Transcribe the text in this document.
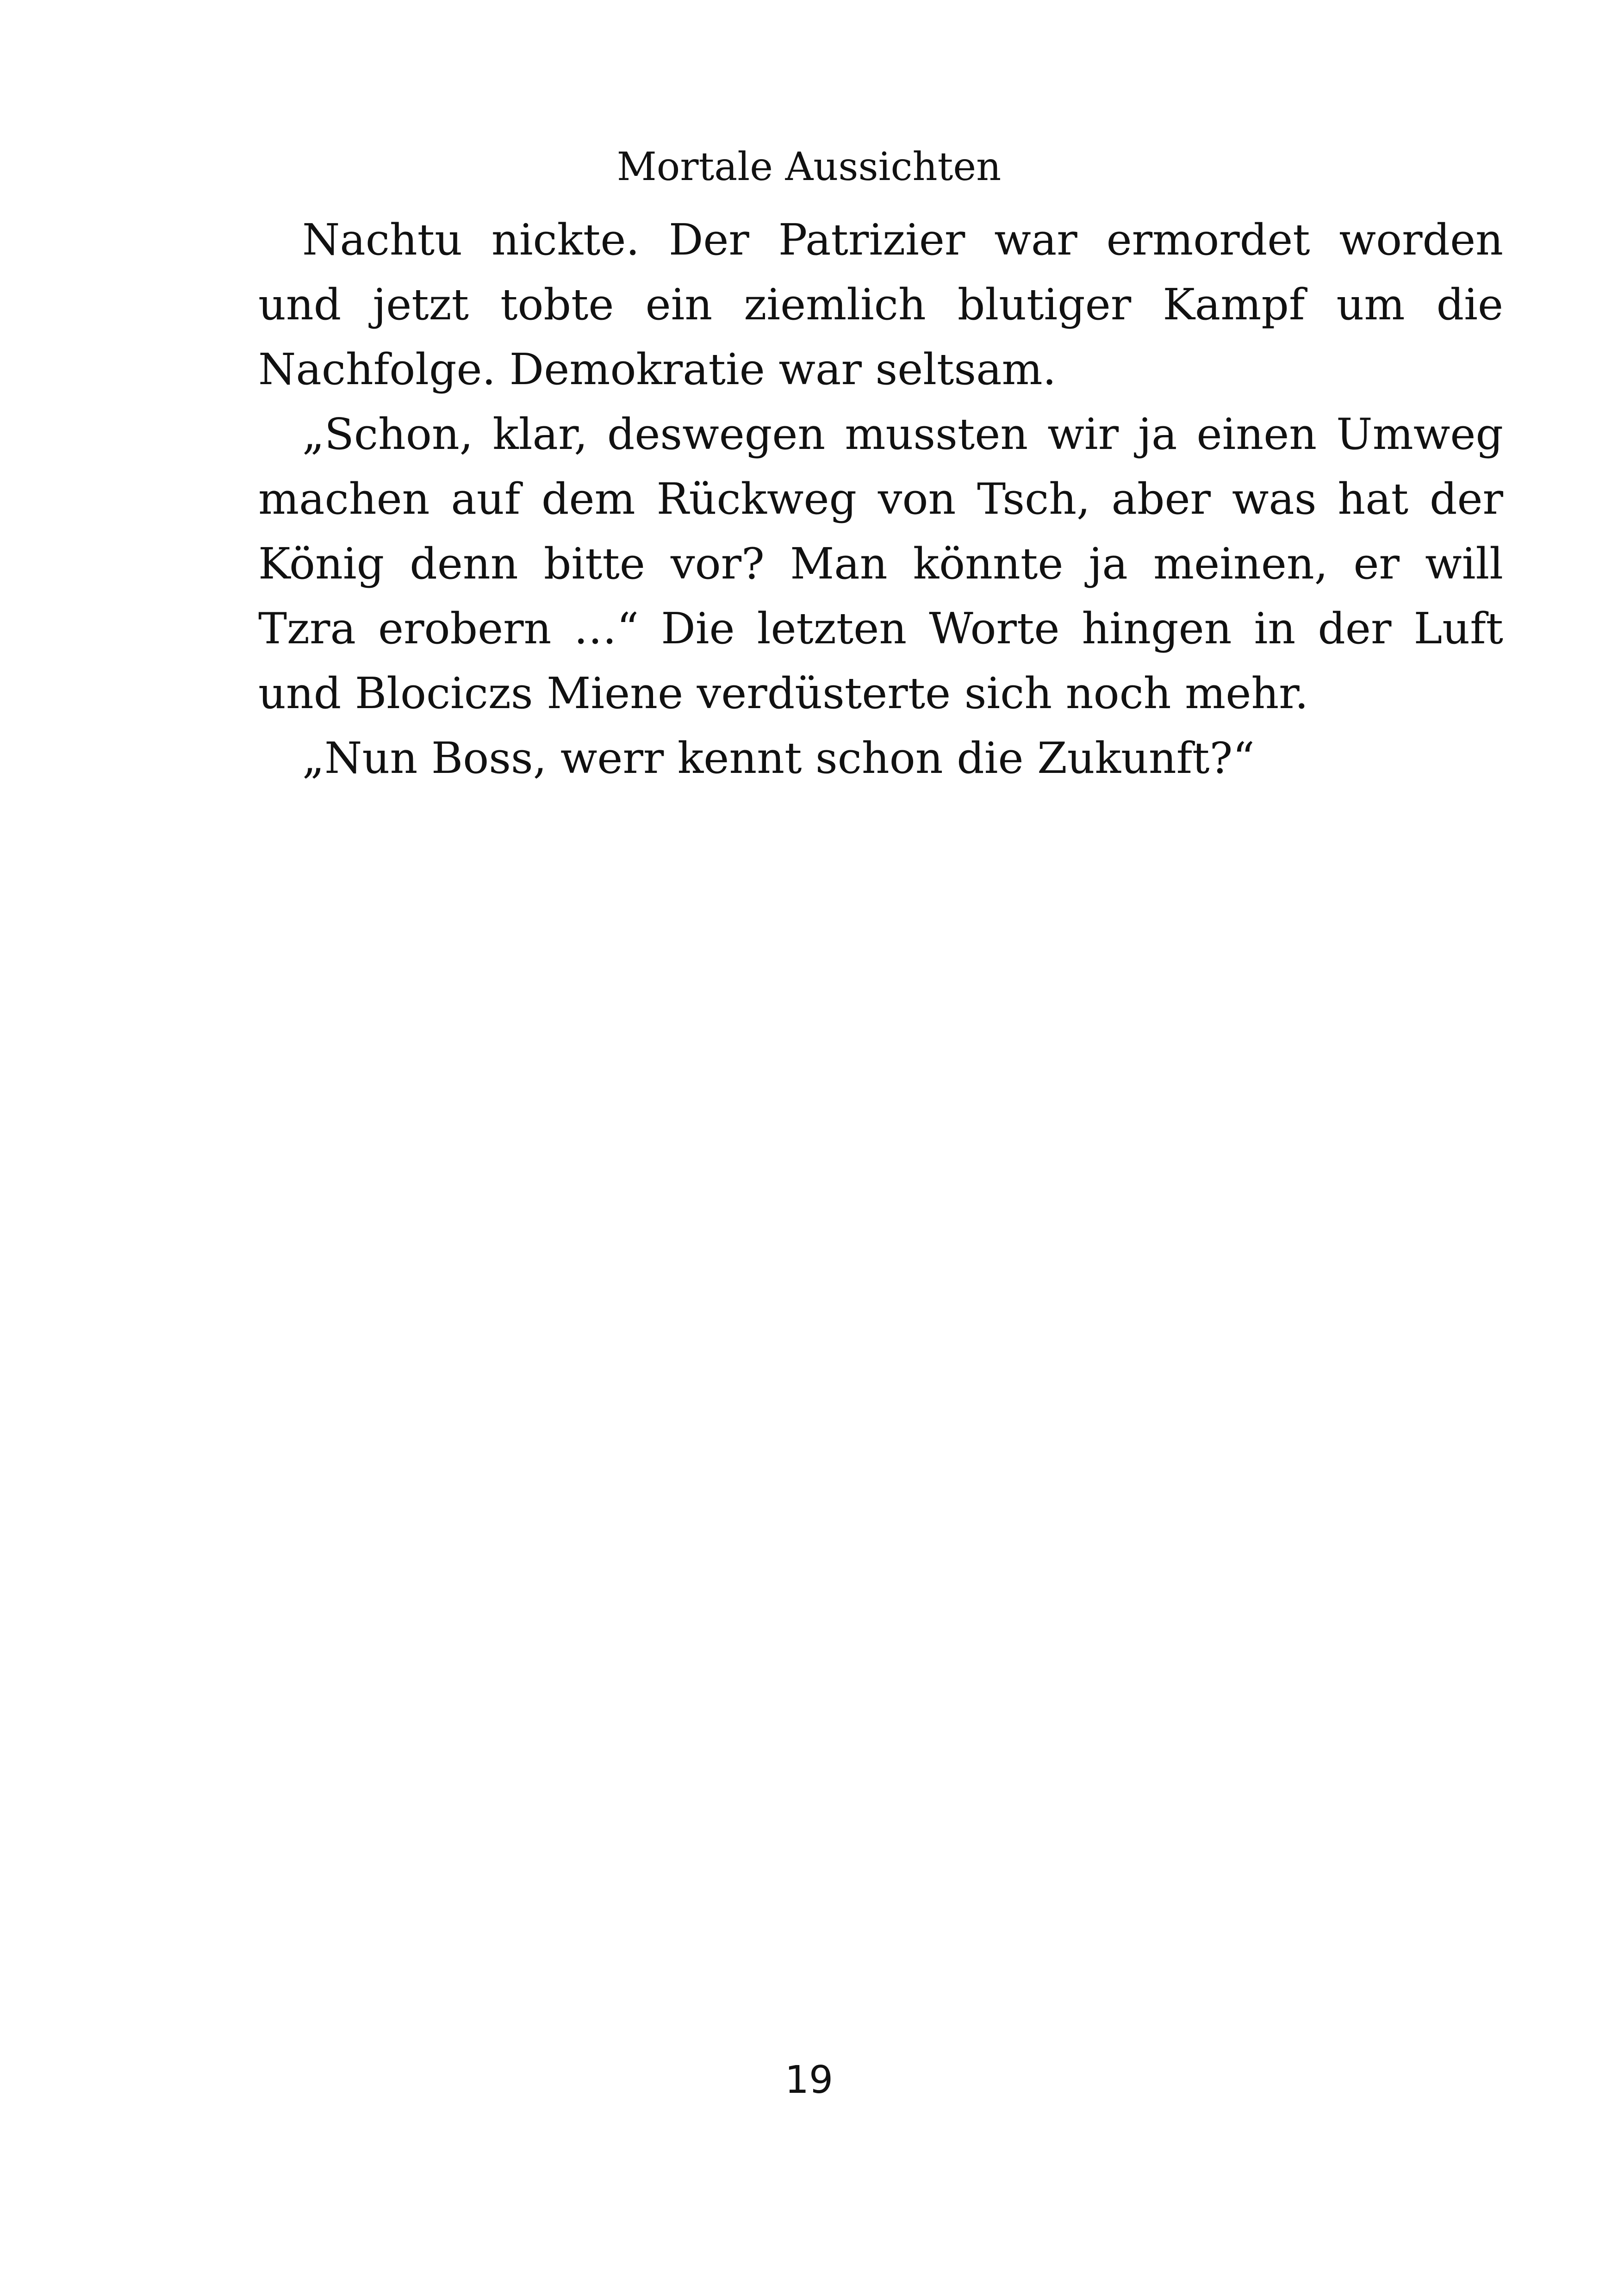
Mortale Aussichten

Nachtu nickte. Der Patrizier war ermordet worden und jetzt tobte ein ziemlich blutiger Kampf um die Nachfolge. Demokratie war seltsam.

„Schon, klar, deswegen mussten wir ja einen Umweg machen auf dem Rückweg von Tsch, aber was hat der König denn bitte vor? Man könnte ja meinen, er will Tzra erobern …“ Die letzten Worte hingen in der Luft und Blociczs Miene verdüsterte sich noch mehr.

„Nun Boss, werr kennt schon die Zukunft?“

19
